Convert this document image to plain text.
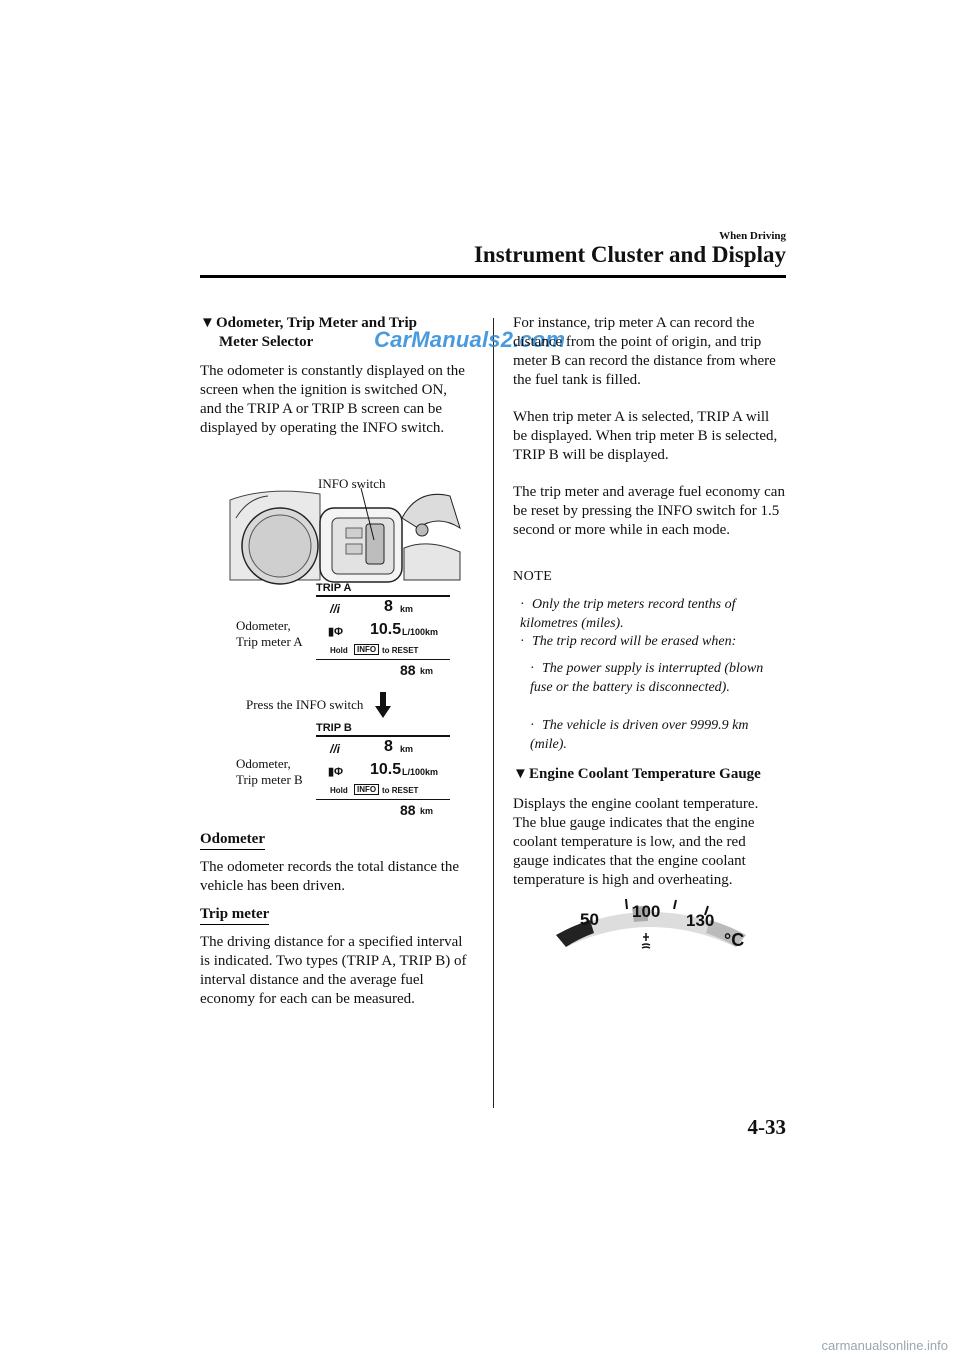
When Driving
Instrument Cluster and Display
CarManuals2.com
▼Odometer, Trip Meter and Trip
Meter Selector

The odometer is constantly displayed on the screen when the ignition is switched ON, and the TRIP A or TRIP B screen can be displayed by operating the INFO switch.

INFO switch
Odometer,
Trip meter A
TRIP A
//i	8 km
▮Φ 10.5 L/100km
Hold	INFO to RESET
88 km
Press the INFO switch
Odometer,
Trip meter B
TRIP B
//i	8 km
▮Φ 10.5 L/100km
Hold	INFO to RESET
88 km
Odometer

The odometer records the total distance the vehicle has been driven.

Trip meter

The driving distance for a specified interval is indicated. Two types (TRIP A, TRIP B) of interval distance and the average fuel economy for each can be measured.

For instance, trip meter A can record the distance from the point of origin, and trip meter B can record the distance from where the fuel tank is filled.

When trip meter A is selected, TRIP A will be displayed. When trip meter B is selected, TRIP B will be displayed.

The trip meter and average fuel economy can be reset by pressing the INFO switch for 1.5 second or more while in each mode.

NOTE
· Only the trip meters record tenths of kilometres (miles).
· The trip record will be erased when:
· The power supply is interrupted (blown fuse or the battery is disconnected).
· The vehicle is driven over 9999.9 km (mile).
▼Engine Coolant Temperature Gauge

Displays the engine coolant temperature. The blue gauge indicates that the engine coolant temperature is low, and the red gauge indicates that the engine coolant temperature is high and overheating.

50 100 130
°C
4-33
carmanualsonline.info
